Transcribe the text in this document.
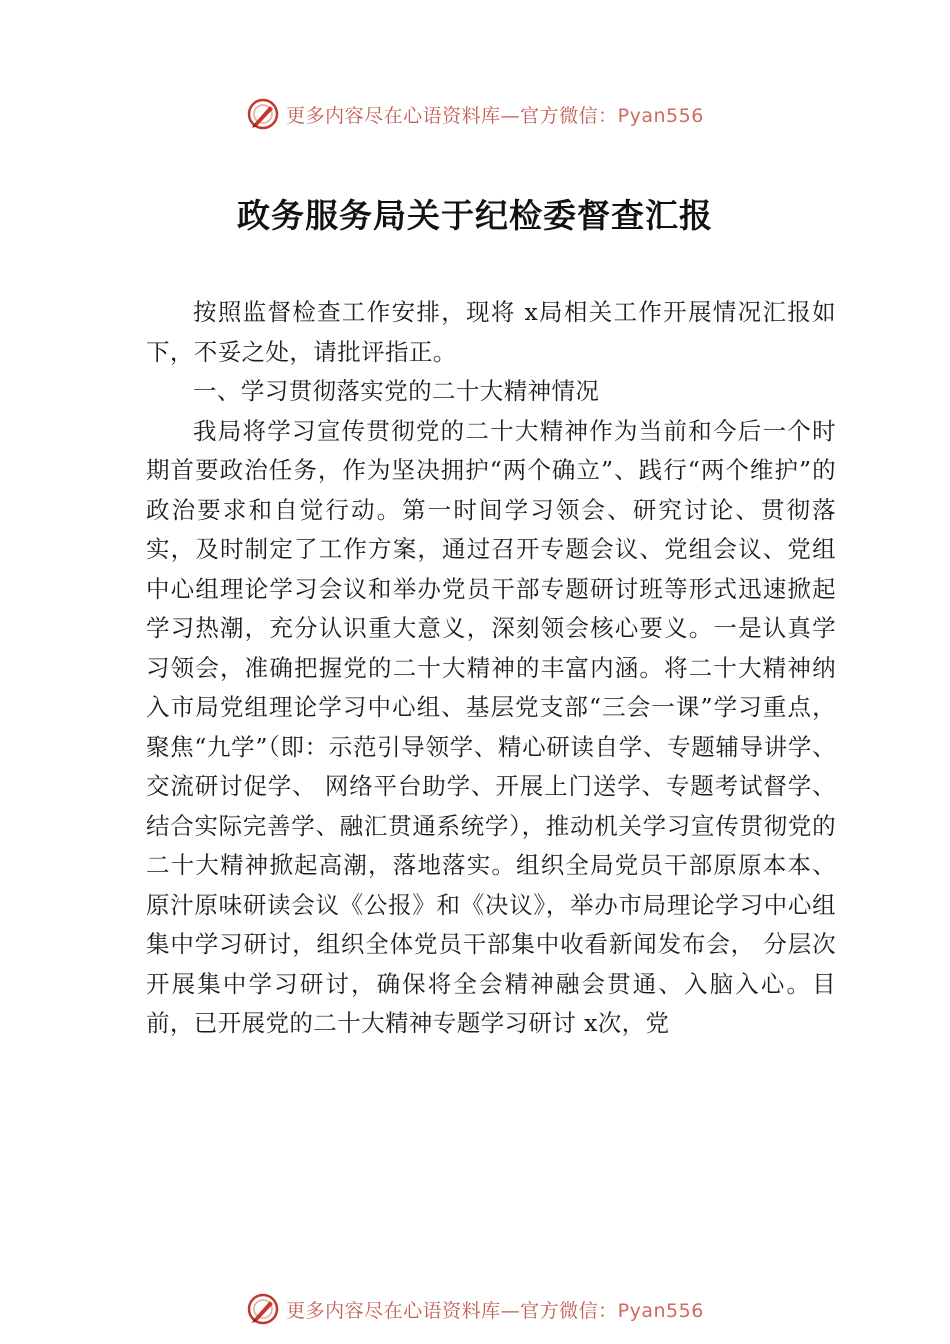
更多内容尽在心语资料库—官方微信：Pyan556
政务服务局关于纪检委督查汇报

按照监督检查工作安排，现将 x局相关工作开展情况汇报如下，不妥之处，请批评指正。

一、学习贯彻落实党的二十大精神情况

我局将学习宣传贯彻党的二十大精神作为当前和今后一个时期首要政治任务，作为坚决拥护“两个确立”、践行“两个维护”的政治要求和自觉行动。第一时间学习领会、研究讨论、贯彻落实，及时制定了工作方案，通过召开专题会议、党组会议、党组中心组理论学习会议和举办党员干部专题研讨班等形式迅速掀起学习热潮，充分认识重大意义，深刻领会核心要义。一是认真学习领会，准确把握党的二十大精神的丰富内涵。将二十大精神纳入市局党组理论学习中心组、基层党支部“三会一课”学习重点，聚焦“九学”（即：示范引导领学、精心研读自学、专题辅导讲学、交流研讨促学、 网络平台助学、开展上门送学、专题考试督学、结合实际完善学、融汇贯通系统学），推动机关学习宣传贯彻党的二十大精神掀起高潮，落地落实。组织全局党员干部原原本本、原汁原味研读会议《公报》和《决议》，举办市局理论学习中心组集中学习研讨，组织全体党员干部集中收看新闻发布会， 分层次开展集中学习研讨，确保将全会精神融会贯通、入脑入心。目前，已开展党的二十大精神专题学习研讨 x次，党

更多内容尽在心语资料库—官方微信：Pyan556
